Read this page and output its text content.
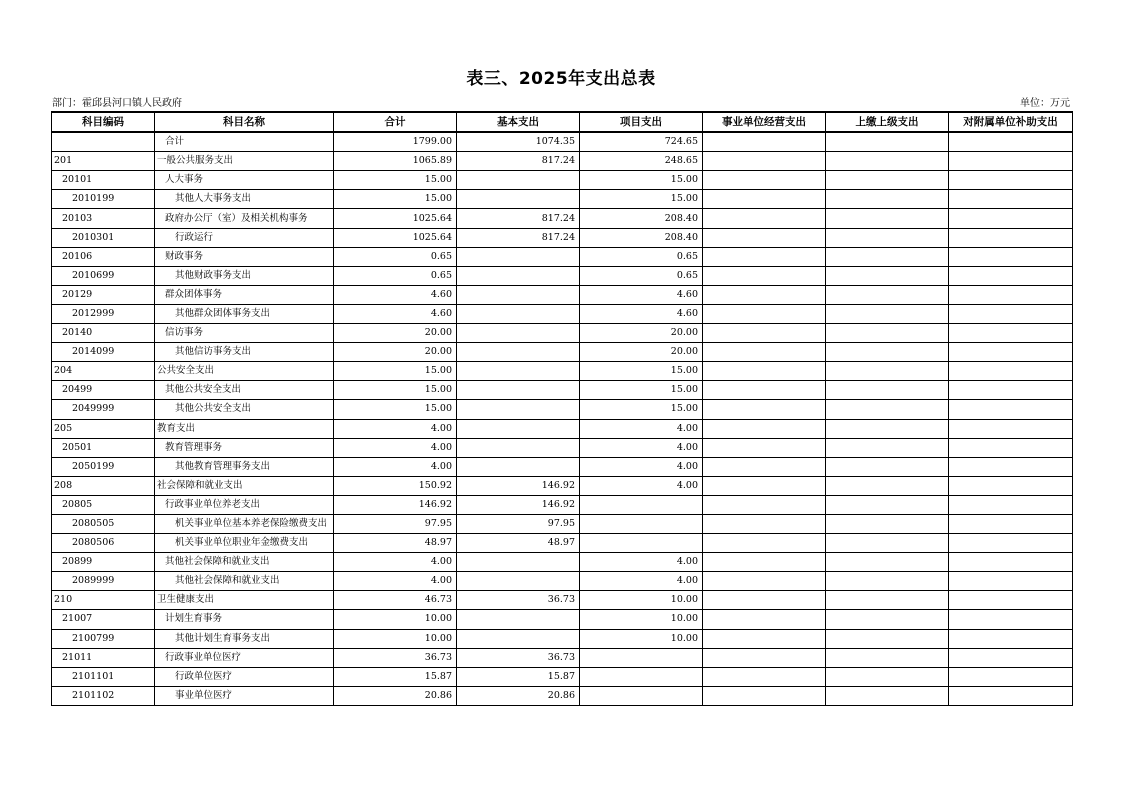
表三、2025年支出总表
部门：霍邱县河口镇人民政府	单位：万元
科目编码	科目名称	合计	基本支出	项目支出	事业单位经营支出	上缴上级支出	对附属单位补助支出
	合计	1799.00	1074.35	724.65			
201	一般公共服务支出	1065.89	817.24	248.65			
20101	人大事务	15.00		15.00			
2010199	其他人大事务支出	15.00		15.00			
20103	政府办公厅（室）及相关机构事务	1025.64	817.24	208.40			
2010301	行政运行	1025.64	817.24	208.40			
20106	财政事务	0.65		0.65			
2010699	其他财政事务支出	0.65		0.65			
20129	群众团体事务	4.60		4.60			
2012999	其他群众团体事务支出	4.60		4.60			
20140	信访事务	20.00		20.00			
2014099	其他信访事务支出	20.00		20.00			
204	公共安全支出	15.00		15.00			
20499	其他公共安全支出	15.00		15.00			
2049999	其他公共安全支出	15.00		15.00			
205	教育支出	4.00		4.00			
20501	教育管理事务	4.00		4.00			
2050199	其他教育管理事务支出	4.00		4.00			
208	社会保障和就业支出	150.92	146.92	4.00			
20805	行政事业单位养老支出	146.92	146.92				
2080505	机关事业单位基本养老保险缴费支出	97.95	97.95				
2080506	机关事业单位职业年金缴费支出	48.97	48.97				
20899	其他社会保障和就业支出	4.00		4.00			
2089999	其他社会保障和就业支出	4.00		4.00			
210	卫生健康支出	46.73	36.73	10.00			
21007	计划生育事务	10.00		10.00			
2100799	其他计划生育事务支出	10.00		10.00			
21011	行政事业单位医疗	36.73	36.73				
2101101	行政单位医疗	15.87	15.87				
2101102	事业单位医疗	20.86	20.86				
